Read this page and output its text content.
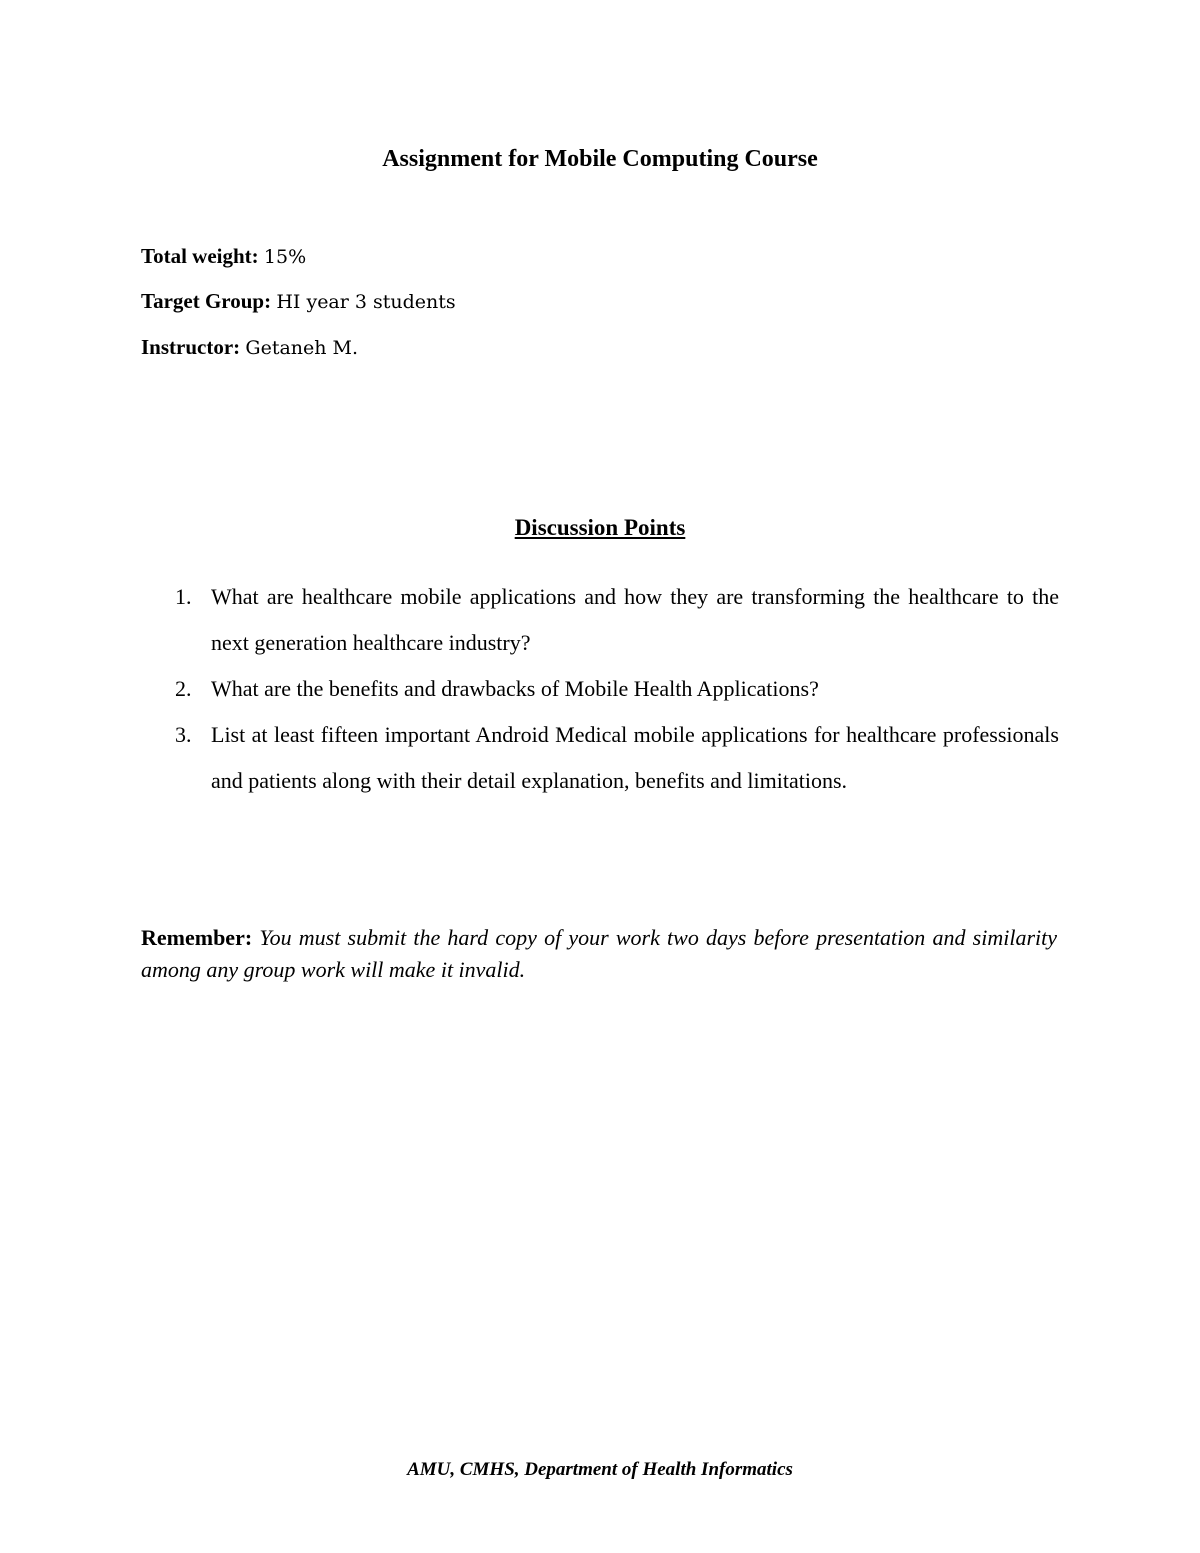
Assignment for Mobile Computing Course
Total weight: 15%
Target Group: HI year 3 students
Instructor: Getaneh M.
Discussion Points
1. What are healthcare mobile applications and how they are transforming the healthcare to the next generation healthcare industry?
2. What are the benefits and drawbacks of Mobile Health Applications?
3. List at least fifteen important Android Medical mobile applications for healthcare professionals and patients along with their detail explanation, benefits and limitations.
Remember: You must submit the hard copy of your work two days before presentation and similarity among any group work will make it invalid.
AMU, CMHS, Department of Health Informatics
